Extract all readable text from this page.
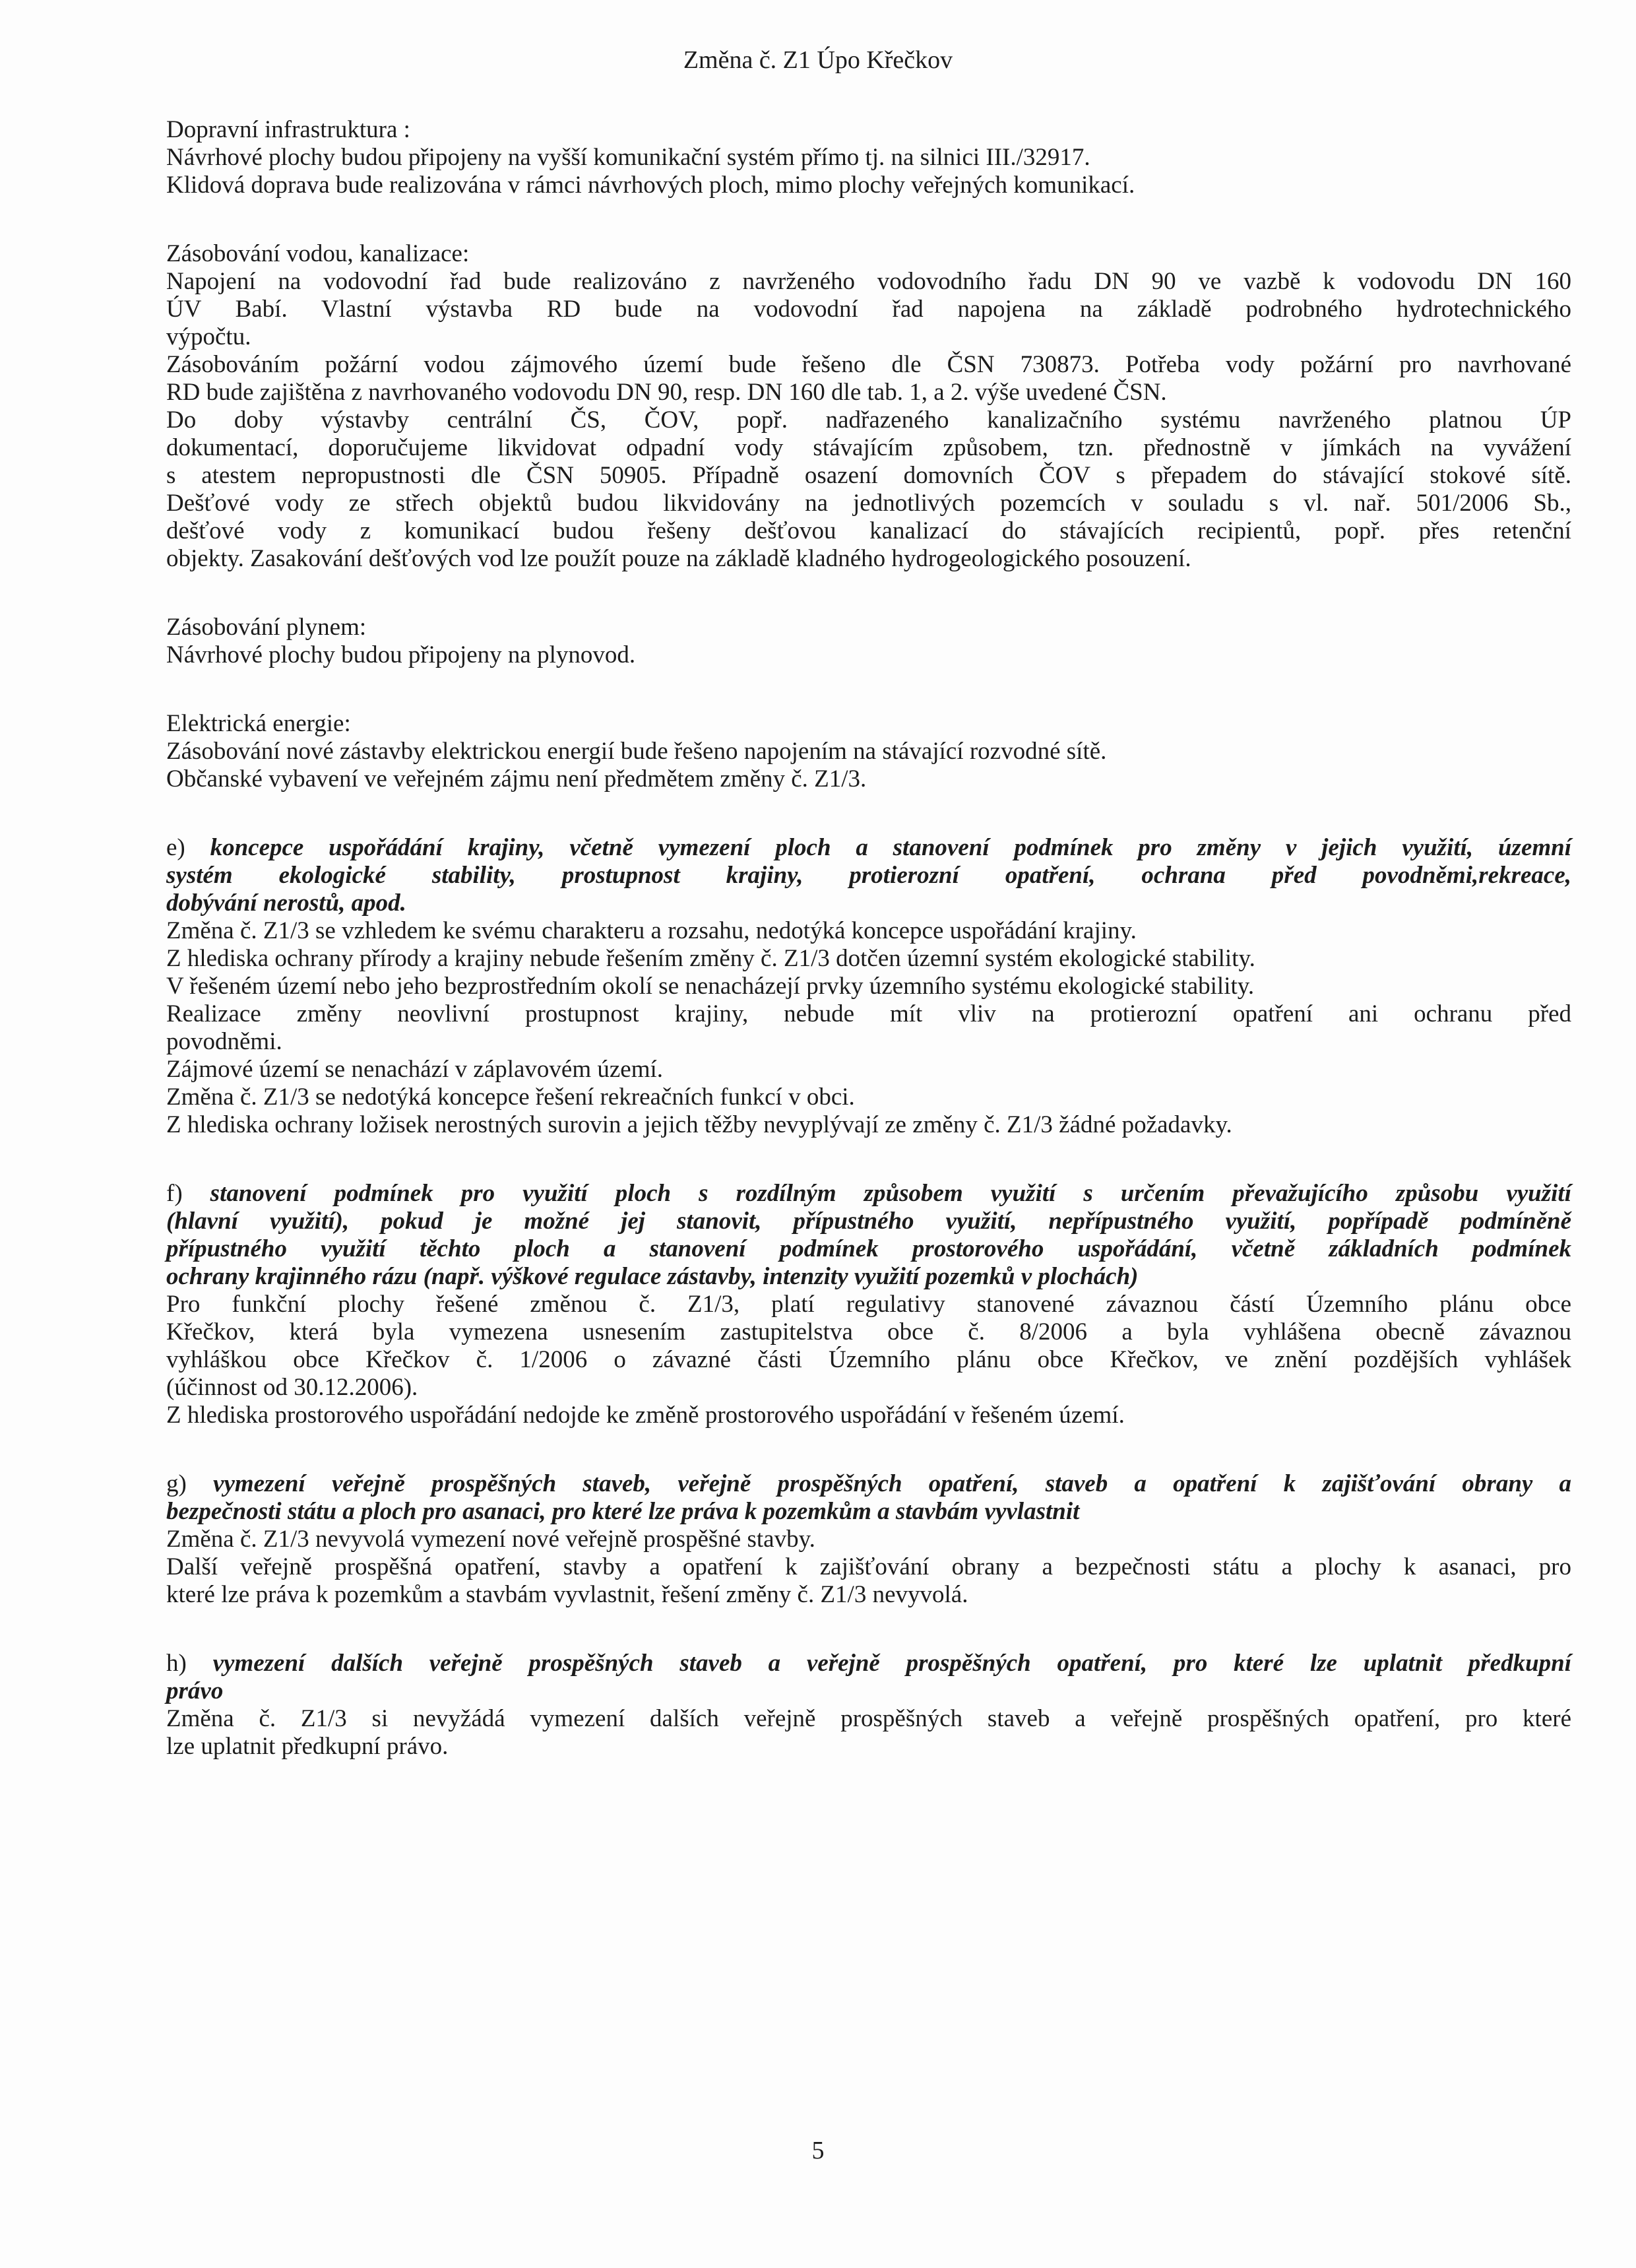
Změna č. Z1 Úpo Křečkov
Dopravní infrastruktura :
Návrhové plochy budou připojeny na vyšší komunikační systém přímo tj. na silnici III./32917.
Klidová doprava bude realizována v rámci návrhových ploch, mimo plochy veřejných komunikací.
Zásobování vodou, kanalizace:
Napojení na vodovodní řad bude realizováno z navrženého vodovodního řadu DN 90 ve vazbě k vodovodu DN 160
ÚV Babí. Vlastní výstavba RD bude na vodovodní řad napojena na základě podrobného hydrotechnického
výpočtu.
Zásobováním požární vodou zájmového území bude řešeno dle ČSN 730873. Potřeba vody požární pro navrhované
RD bude zajištěna z navrhovaného vodovodu DN 90, resp. DN 160 dle tab. 1, a 2. výše uvedené ČSN.
Do doby výstavby centrální ČS, ČOV, popř. nadřazeného kanalizačního systému navrženého platnou ÚP
dokumentací, doporučujeme likvidovat odpadní vody stávajícím způsobem, tzn. přednostně v jímkách na vyvážení
s atestem nepropustnosti dle ČSN 50905. Případně osazení domovních ČOV s přepadem do stávající stokové sítě.
Dešťové vody ze střech objektů budou likvidovány na jednotlivých pozemcích v souladu s vl. nař. 501/2006 Sb.,
dešťové vody z komunikací budou řešeny dešťovou kanalizací do stávajících recipientů, popř. přes retenční
objekty. Zasakování dešťových vod lze použít pouze na základě kladného hydrogeologického posouzení.
Zásobování plynem:
Návrhové plochy budou připojeny na plynovod.
Elektrická energie:
Zásobování nové zástavby elektrickou energií bude řešeno napojením na stávající rozvodné sítě.
Občanské vybavení ve veřejném zájmu není předmětem změny č. Z1/3.
e) koncepce uspořádání krajiny, včetně vymezení ploch a stanovení podmínek pro změny v jejich využití, územní
systém ekologické stability, prostupnost krajiny, protierozní opatření, ochrana před povodněmi,rekreace,
dobývání nerostů, apod.
Změna č. Z1/3 se vzhledem ke svému charakteru a rozsahu, nedotýká koncepce uspořádání krajiny.
Z hlediska ochrany přírody a krajiny nebude řešením změny č. Z1/3 dotčen územní systém ekologické stability.
V řešeném území nebo jeho bezprostředním okolí se nenacházejí prvky územního systému ekologické stability.
Realizace změny neovlivní prostupnost krajiny, nebude mít vliv na protierozní opatření ani ochranu před
povodněmi.
Zájmové území se nenachází v záplavovém území.
Změna č. Z1/3 se nedotýká koncepce řešení rekreačních funkcí v obci.
Z hlediska ochrany ložisek nerostných surovin a jejich těžby nevyplývají ze změny č. Z1/3 žádné požadavky.
f) stanovení podmínek pro využití ploch s rozdílným způsobem využití s určením převažujícího způsobu využití
(hlavní využití), pokud je možné jej stanovit, přípustného využití, nepřípustného využití, popřípadě podmíněně
přípustného využití těchto ploch a stanovení podmínek prostorového uspořádání, včetně základních podmínek
ochrany krajinného rázu (např. výškové regulace zástavby, intenzity využití pozemků v plochách)
Pro funkční plochy řešené změnou č. Z1/3, platí regulativy stanovené závaznou částí Územního plánu obce
Křečkov, která byla vymezena usnesením zastupitelstva obce č. 8/2006 a byla vyhlášena obecně závaznou
vyhláškou obce Křečkov č. 1/2006 o závazné části Územního plánu obce Křečkov, ve znění pozdějších vyhlášek
(účinnost od 30.12.2006).
Z hlediska prostorového uspořádání nedojde ke změně prostorového uspořádání v řešeném území.
g) vymezení veřejně prospěšných staveb, veřejně prospěšných opatření, staveb a opatření k zajišťování obrany a
bezpečnosti státu a ploch pro asanaci, pro které lze práva k pozemkům a stavbám vyvlastnit
Změna č. Z1/3 nevyvolá vymezení nové veřejně prospěšné stavby.
Další veřejně prospěšná opatření, stavby a opatření k zajišťování obrany a bezpečnosti státu a plochy k asanaci, pro
které lze práva k pozemkům a stavbám vyvlastnit, řešení změny č. Z1/3 nevyvolá.
h) vymezení dalších veřejně prospěšných staveb a veřejně prospěšných opatření, pro které lze uplatnit předkupní
právo
Změna č. Z1/3 si nevyžádá vymezení dalších veřejně prospěšných staveb a veřejně prospěšných opatření, pro které
lze uplatnit předkupní právo.
5
